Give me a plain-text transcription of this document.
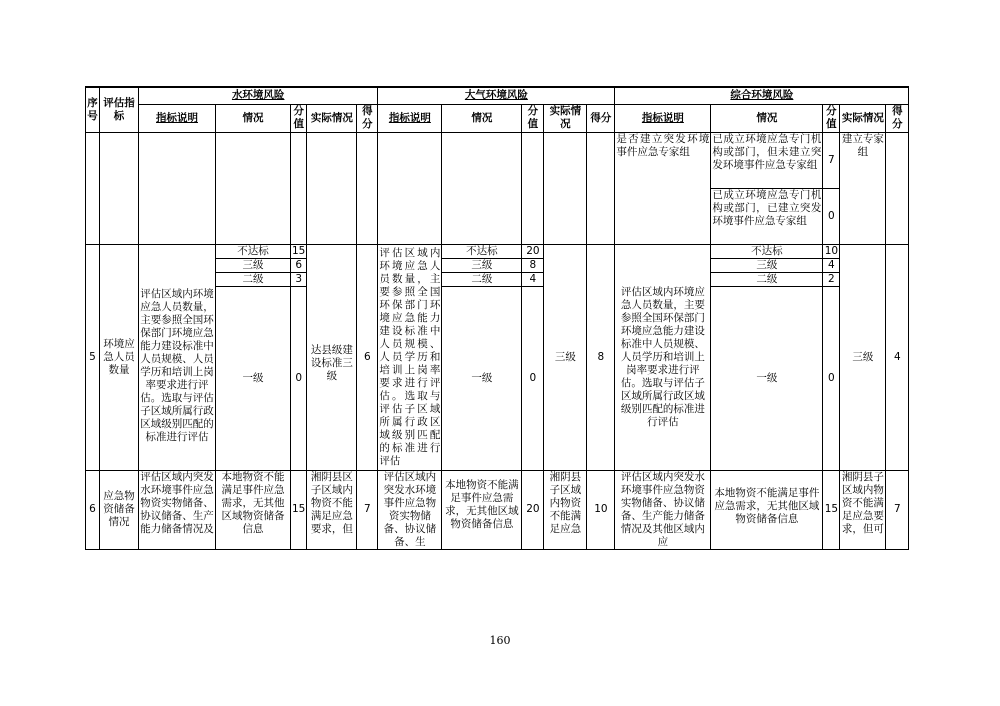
序号	评估指标	水环境风险					大气环境风险					综合环境风险				
		指标说明	情况	分值	实际情况	得分	指标说明	情况	分值	实际情况	得分	指标说明	情况	分值	实际情况	得分
												是否建立突发环境事件应急专家组	已成立环境应急专门机构或部门，但未建立突发环境事件应急专家组	7	建立专家组	
													已成立环境应急专门机构或部门，已建立突发环境事件应急专家组	0		
5	环境应急人员数量	评估区域内环境应急人员数量，主要参照全国环保部门环境应急能力建设标准中人员规模、人员学历和培训上岗率要求进行评估。选取与评估子区域所属行政区域级别匹配的标准进行评估	不达标	15	达县级建设标准三级	6	评估区域内环境应急人员数量，主要参照全国环保部门环境应急能力建设标准中人员规模、人员学历和培训上岗率要求进行评估。选取与评估子区域所属行政区域级别匹配的标准进行评估	不达标	20	三级	8	评估区域内环境应急人员数量，主要参照全国环保部门环境应急能力建设标准中人员规模、人员学历和培训上岗率要求进行评估。选取与评估子区域所属行政区域级别匹配的标准进行评估	不达标	10	三级	4
			三级	6				三级	8				三级	4		
			二级	3				二级	4				二级	2		
			一级	0				一级	0				一级	0		
6	应急物资储备情况	评估区域内突发水环境事件应急物资实物储备、协议储备、生产能力储备情况及	本地物资不能满足事件应急需求，无其他区域物资储备信息	15	湘阴县区子区域内物资不能满足应急要求，但	7	评估区域内突发水环境事件应急物资实物储备、协议储备、生	本地物资不能满足事件应急需求，无其他区域物资储备信息	20	湘阴县子区域内物资不能满足应急	10	评估区域内突发水环境事件应急物资实物储备、协议储备、生产能力储备情况及其他区域内应	本地物资不能满足事件应急需求，无其他区域物资储备信息	15	湘阴县子区域内物资不能满足应急要求，但可	7
160
